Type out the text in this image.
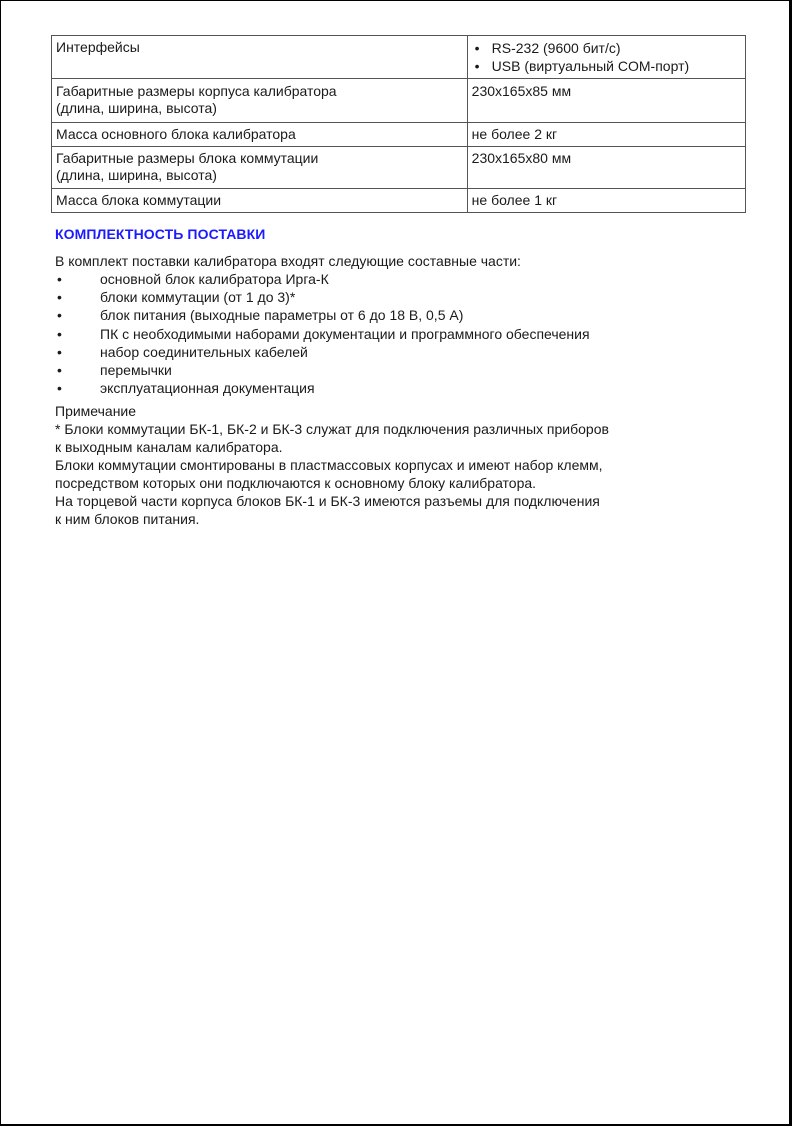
Интерфейсы	• RS-232 (9600 бит/с)
• USB (виртуальный COM-порт)

Габаритные размеры корпуса калибратора
(длина, ширина, высота)	230x165x85 мм
Масса основного блока калибратора	не более 2 кг

Габаритные размеры блока коммутации
(длина, ширина, высота)	230x165x80 мм
Масса блока коммутации	не более 1 кг
КОМПЛЕКТНОСТЬ ПОСТАВКИ

В комплект поставки калибратора входят следующие составные части:

•	основной блок калибратора Ирга-К
•	блоки коммутации (от 1 до 3)*
•	блок питания (выходные параметры от 6 до 18 В, 0,5 А)
•	ПК с необходимыми наборами документации и программного обеспечения
•	набор соединительных кабелей
•	перемычки
•	эксплуатационная документация
Примечание
* Блоки коммутации БК-1, БК-2 и БК-3 служат для подключения различных приборов
к выходным каналам калибратора.
Блоки коммутации смонтированы в пластмассовых корпусах и имеют набор клемм,
посредством которых они подключаются к основному блоку калибратора.
На торцевой части корпуса блоков БК-1 и БК-3 имеются разъемы для подключения
к ним блоков питания.
